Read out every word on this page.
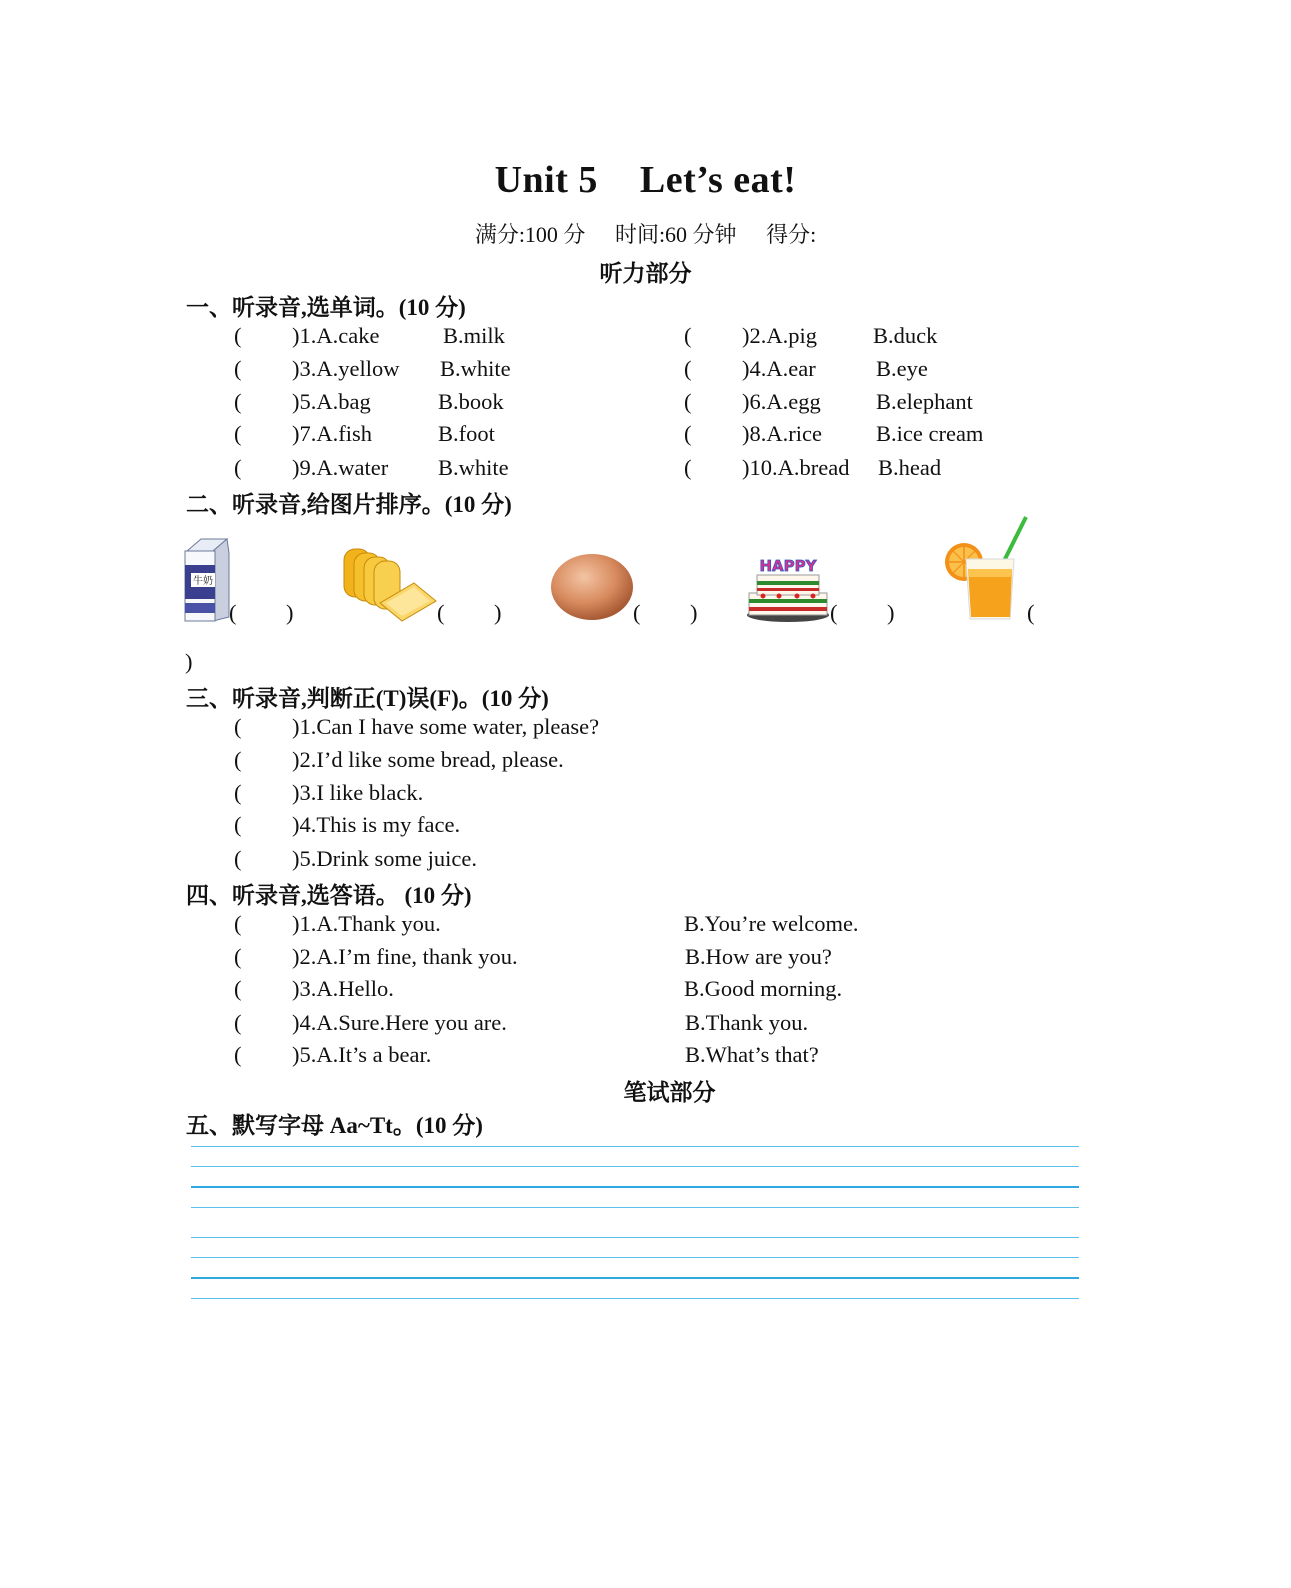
Unit 5 Let’s eat!
满分:100 分 时间:60 分钟 得分:
听力部分
一、听录音,选单词。(10 分)
( )1.A.cake	B.milk	( )2.A.pig B.duck
( )3.A.yellow B.white	( )4.A.ear	B.eye
( )5.A.bag	B.book	( )6.A.egg B.elephant
( )7.A.fish	B.foot	( )8.A.rice B.ice cream
( )9.A.water B.white	( )10.A.bread B.head
二、听录音,给图片排序。(10 分)
牛奶
( )	( )	( )
HAPPY
( )	(
)
三、听录音,判断正(T)误(F)。(10 分)
( )1.Can I have some water, please?
( )2.I’d like some bread, please.
( )3.I like black.
( )4.This is my face.
( )5.Drink some juice.
四、听录音,选答语。 (10 分)
( )1.A.Thank you.	B.You’re welcome.
( )2.A.I’m fine, thank you.	B.How are you?
( )3.A.Hello.	B.Good morning.
( )4.A.Sure.Here you are.	B.Thank you.
( )5.A.It’s a bear.	B.What’s that?
笔试部分
五、默写字母 Aa~Tt。(10 分)
